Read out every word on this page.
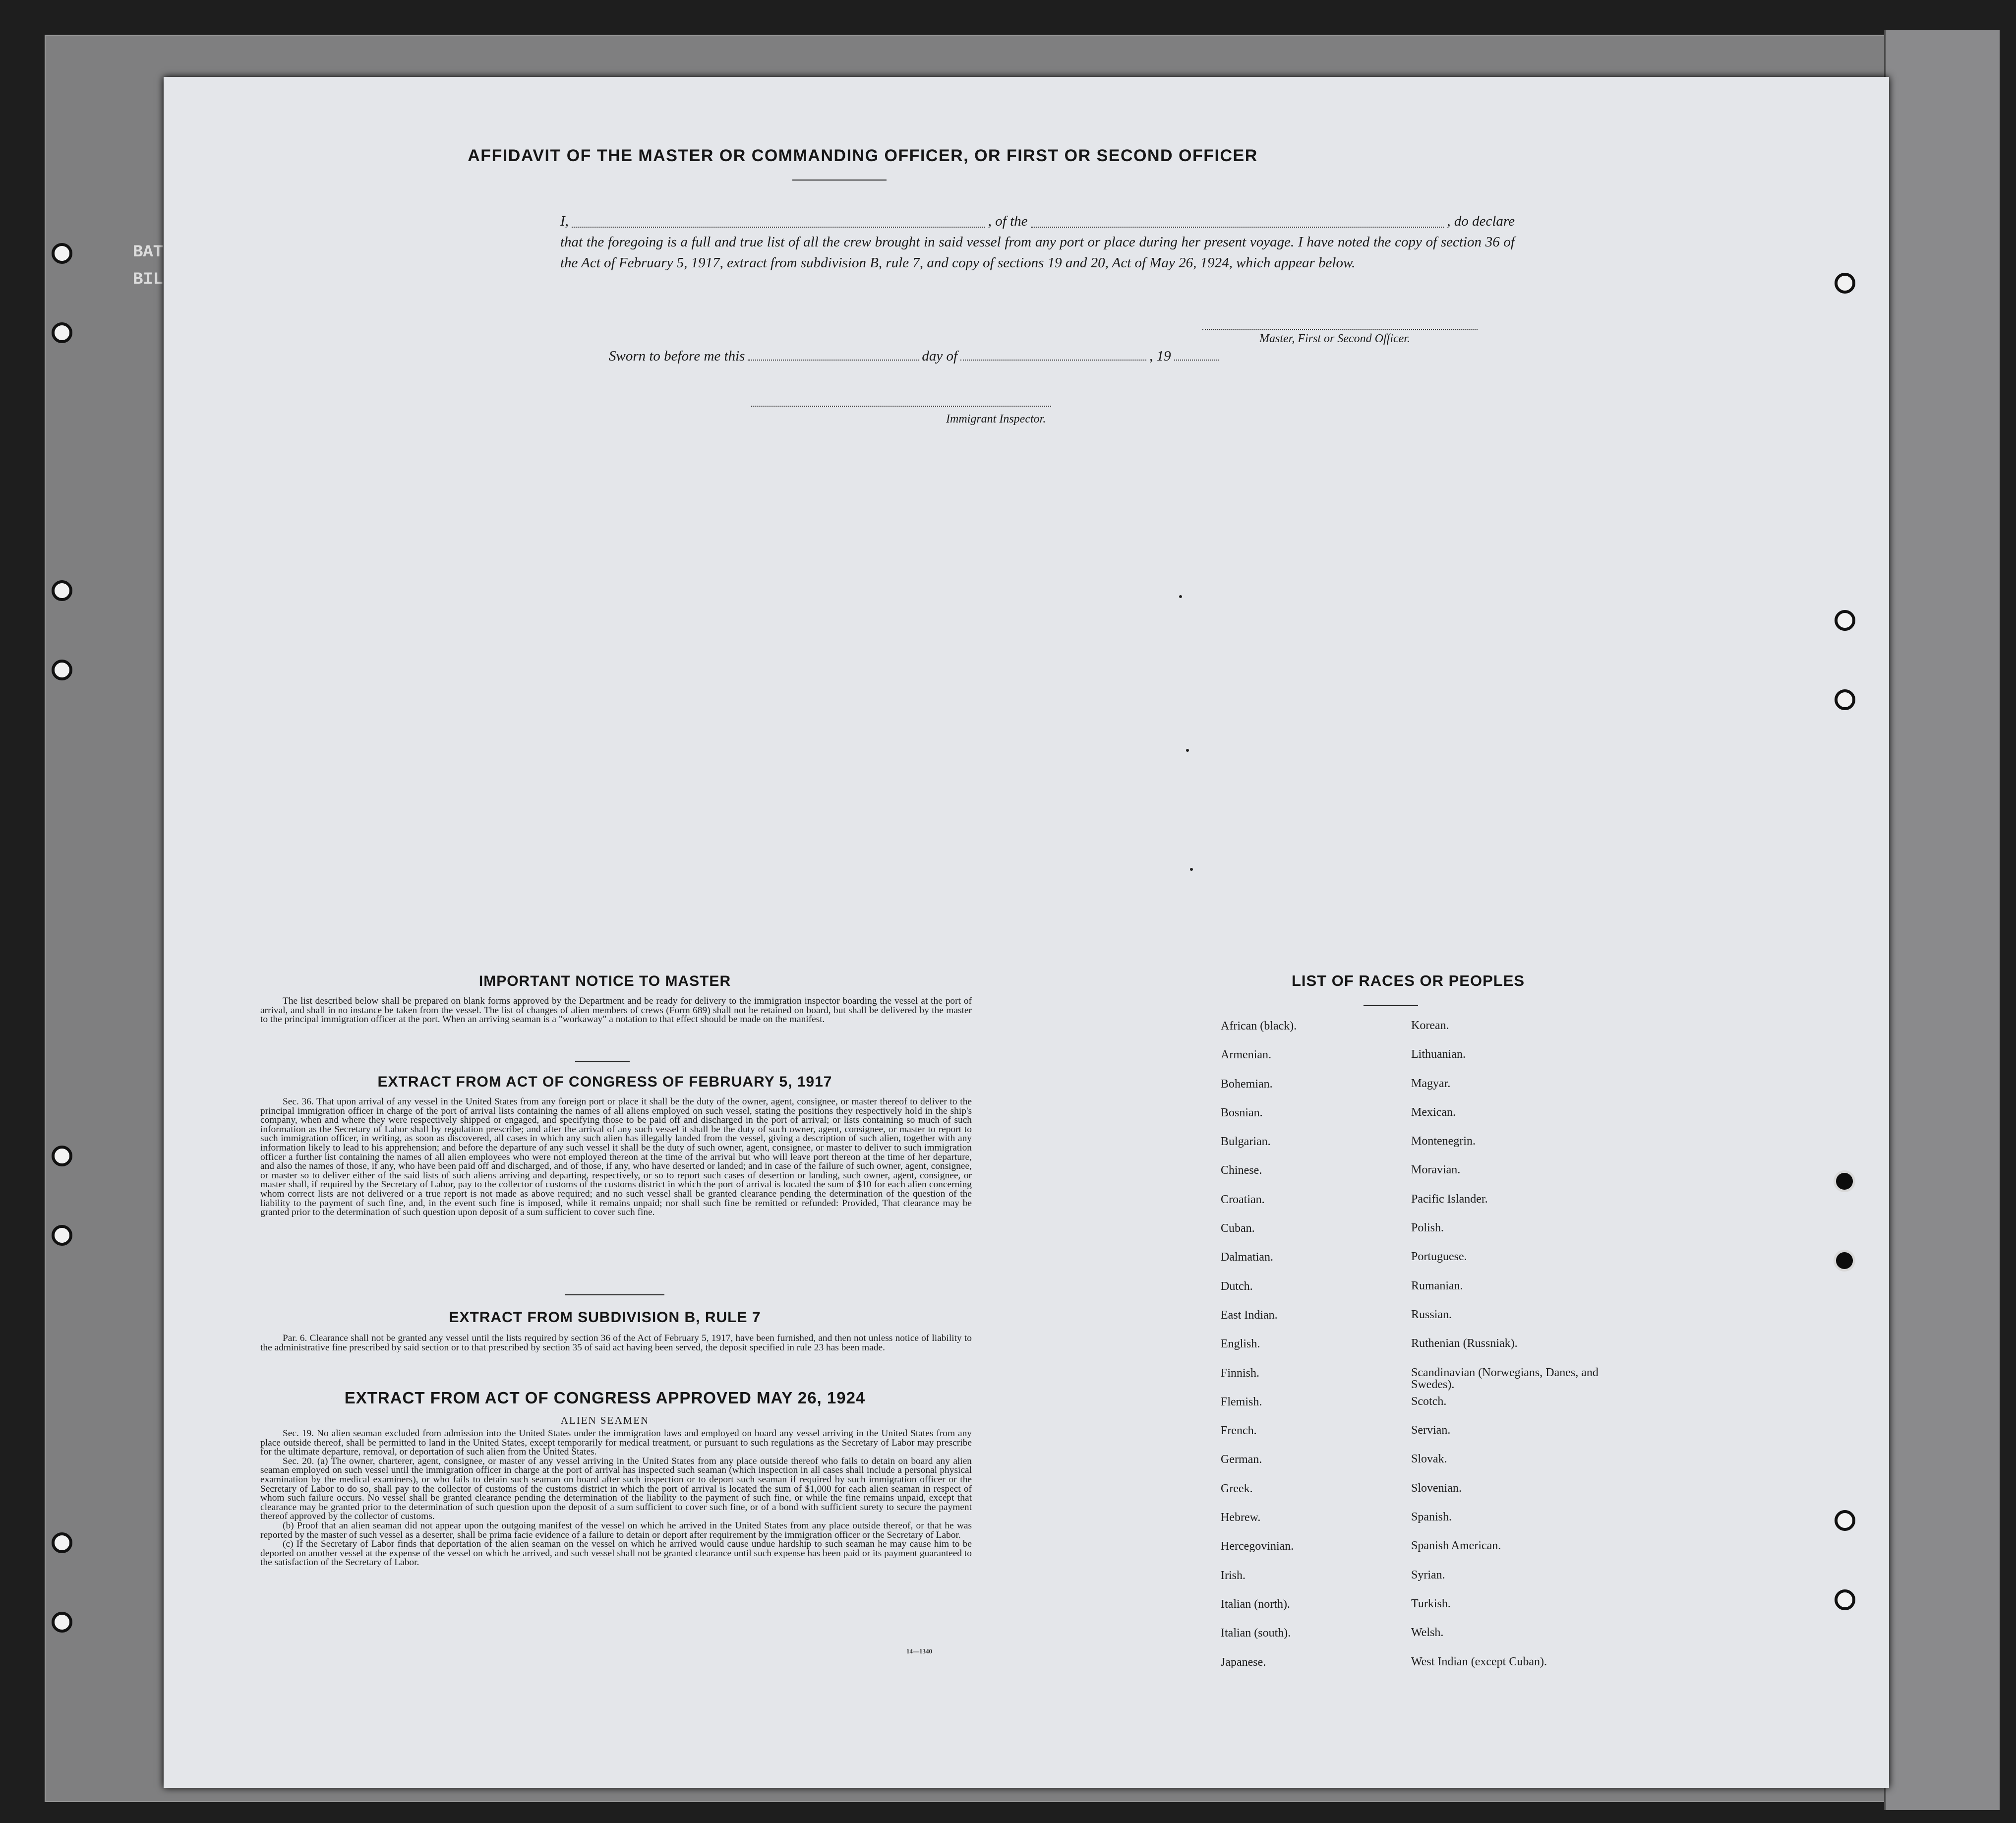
BAT
BIL
AFFIDAVIT OF THE MASTER OR COMMANDING OFFICER, OR FIRST OR SECOND OFFICER
I,	, of the	, do declare
that the foregoing is a full and true list of all the crew brought in said vessel from any port or place during her present voyage. I have noted the copy of section 36 of the Act of February 5, 1917, extract from subdivision B, rule 7, and copy of sections 19 and 20, Act of May 26, 1924, which appear below.
Master, First or Second Officer.
Sworn to before me this	day of	, 19
Immigrant Inspector.
IMPORTANT NOTICE TO MASTER

The list described below shall be prepared on blank forms approved by the Department and be ready for delivery to the immigration inspector boarding the vessel at the port of arrival, and shall in no instance be taken from the vessel. The list of changes of alien members of crews (Form 689) shall not be retained on board, but shall be delivered by the master to the principal immigration officer at the port. When an arriving seaman is a "workaway" a notation to that effect should be made on the manifest.

EXTRACT FROM ACT OF CONGRESS OF FEBRUARY 5, 1917

Sec. 36. That upon arrival of any vessel in the United States from any foreign port or place it shall be the duty of the owner, agent, consignee, or master thereof to deliver to the principal immigration officer in charge of the port of arrival lists containing the names of all aliens employed on such vessel, stating the positions they respectively hold in the ship's company, when and where they were respectively shipped or engaged, and specifying those to be paid off and discharged in the port of arrival; or lists containing so much of such information as the Secretary of Labor shall by regulation prescribe; and after the arrival of any such vessel it shall be the duty of such owner, agent, consignee, or master to report to such immigration officer, in writing, as soon as discovered, all cases in which any such alien has illegally landed from the vessel, giving a description of such alien, together with any information likely to lead to his apprehension; and before the departure of any such vessel it shall be the duty of such owner, agent, consignee, or master to deliver to such immigration officer a further list containing the names of all alien employees who were not employed thereon at the time of the arrival but who will leave port thereon at the time of her departure, and also the names of those, if any, who have been paid off and discharged, and of those, if any, who have deserted or landed; and in case of the failure of such owner, agent, consignee, or master so to deliver either of the said lists of such aliens arriving and departing, respectively, or so to report such cases of desertion or landing, such owner, agent, consignee, or master shall, if required by the Secretary of Labor, pay to the collector of customs of the customs district in which the port of arrival is located the sum of $10 for each alien concerning whom correct lists are not delivered or a true report is not made as above required; and no such vessel shall be granted clearance pending the determination of the question of the liability to the payment of such fine, and, in the event such fine is imposed, while it remains unpaid; nor shall such fine be remitted or refunded: Provided, That clearance may be granted prior to the determination of such question upon deposit of a sum sufficient to cover such fine.

EXTRACT FROM SUBDIVISION B, RULE 7

Par. 6. Clearance shall not be granted any vessel until the lists required by section 36 of the Act of February 5, 1917, have been furnished, and then not unless notice of liability to the administrative fine prescribed by said section or to that prescribed by section 35 of said act having been served, the deposit specified in rule 23 has been made.

EXTRACT FROM ACT OF CONGRESS APPROVED MAY 26, 1924
ALIEN SEAMEN

Sec. 19. No alien seaman excluded from admission into the United States under the immigration laws and employed on board any vessel arriving in the United States from any place outside thereof, shall be permitted to land in the United States, except temporarily for medical treatment, or pursuant to such regulations as the Secretary of Labor may prescribe for the ultimate departure, removal, or deportation of such alien from the United States.

Sec. 20. (a) The owner, charterer, agent, consignee, or master of any vessel arriving in the United States from any place outside thereof who fails to detain on board any alien seaman employed on such vessel until the immigration officer in charge at the port of arrival has inspected such seaman (which inspection in all cases shall include a personal physical examination by the medical examiners), or who fails to detain such seaman on board after such inspection or to deport such seaman if required by such immigration officer or the Secretary of Labor to do so, shall pay to the collector of customs of the customs district in which the port of arrival is located the sum of $1,000 for each alien seaman in respect of whom such failure occurs. No vessel shall be granted clearance pending the determination of the liability to the payment of such fine, or while the fine remains unpaid, except that clearance may be granted prior to the determination of such question upon the deposit of a sum sufficient to cover such fine, or of a bond with sufficient surety to secure the payment thereof approved by the collector of customs.

(b) Proof that an alien seaman did not appear upon the outgoing manifest of the vessel on which he arrived in the United States from any place outside thereof, or that he was reported by the master of such vessel as a deserter, shall be prima facie evidence of a failure to detain or deport after requirement by the immigration officer or the Secretary of Labor.

(c) If the Secretary of Labor finds that deportation of the alien seaman on the vessel on which he arrived would cause undue hardship to such seaman he may cause him to be deported on another vessel at the expense of the vessel on which he arrived, and such vessel shall not be granted clearance until such expense has been paid or its payment guaranteed to the satisfaction of the Secretary of Labor.

14—1340
LIST OF RACES OR PEOPLES
African (black).	Korean.
Armenian.	Lithuanian.
Bohemian.	Magyar.
Bosnian.	Mexican.
Bulgarian.	Montenegrin.
Chinese.	Moravian.
Croatian.	Pacific Islander.
Cuban.	Polish.
Dalmatian.	Portuguese.
Dutch.	Rumanian.
East Indian.	Russian.
English.	Ruthenian (Russniak).
Finnish.	Scandinavian (Norwegians, Danes, and Swedes).
Flemish.	Scotch.
French.	Servian.
German.	Slovak.
Greek.	Slovenian.
Hebrew.	Spanish.
Hercegovinian.	Spanish American.
Irish.	Syrian.
Italian (north).	Turkish.
Italian (south).	Welsh.
Japanese.	West Indian (except Cuban).
